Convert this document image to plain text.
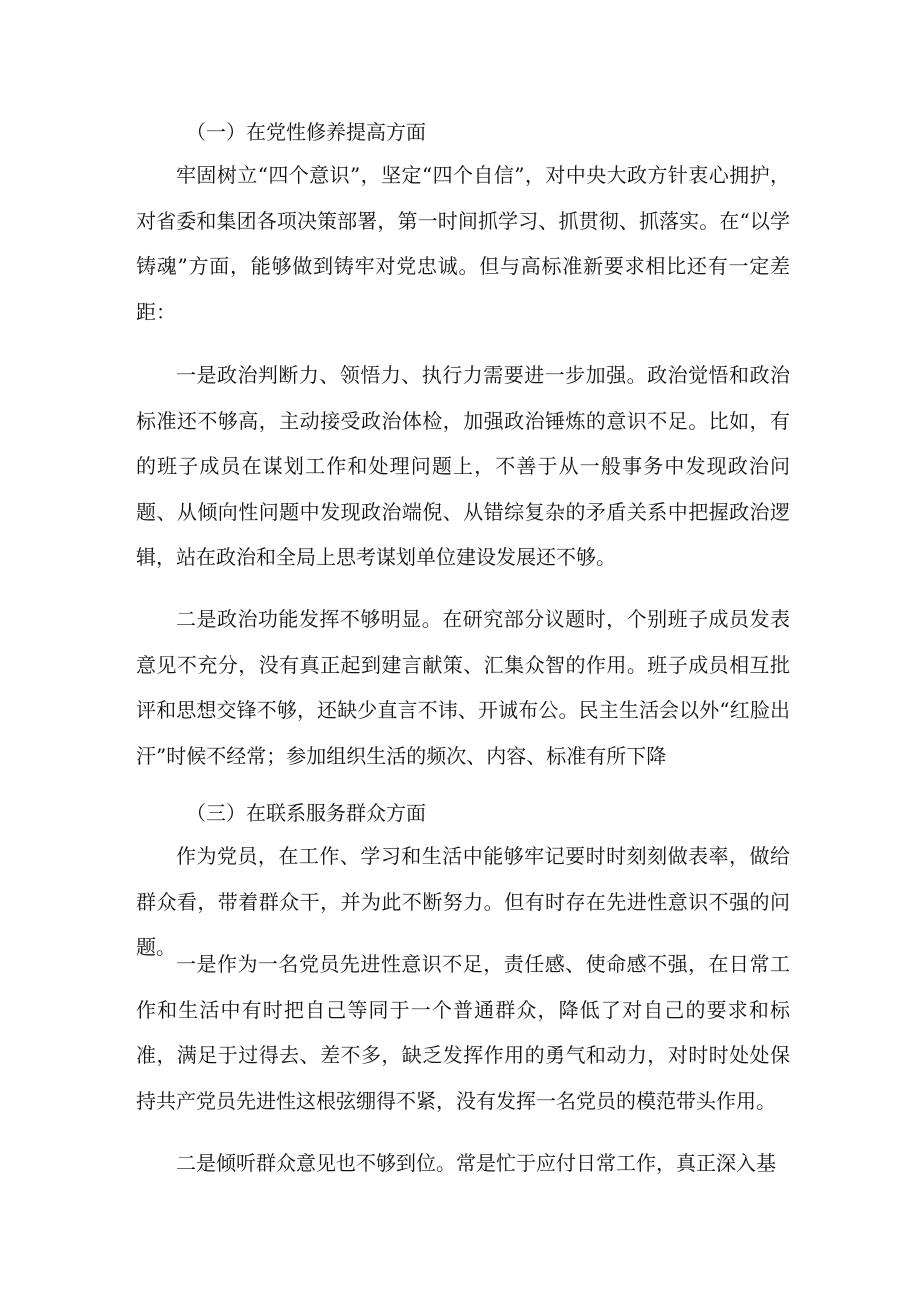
（一）在党性修养提高方面

牢固树立“四个意识”，坚定“四个自信”，对中央大政方针衷心拥护，对省委和集团各项决策部署，第一时间抓学习、抓贯彻、抓落实。在“以学铸魂”方面，能够做到铸牢对党忠诚。但与高标准新要求相比还有一定差距：

一是政治判断力、领悟力、执行力需要进一步加强。政治觉悟和政治标准还不够高，主动接受政治体检，加强政治锤炼的意识不足。比如，有的班子成员在谋划工作和处理问题上，不善于从一般事务中发现政治问题、从倾向性问题中发现政治端倪、从错综复杂的矛盾关系中把握政治逻辑，站在政治和全局上思考谋划单位建设发展还不够。

二是政治功能发挥不够明显。在研究部分议题时，个别班子成员发表意见不充分，没有真正起到建言献策、汇集众智的作用。班子成员相互批评和思想交锋不够，还缺少直言不讳、开诚布公。民主生活会以外“红脸出汗”时候不经常；参加组织生活的频次、内容、标准有所下降

（三）在联系服务群众方面

作为党员，在工作、学习和生活中能够牢记要时时刻刻做表率，做给群众看，带着群众干，并为此不断努力。但有时存在先进性意识不强的问题。

一是作为一名党员先进性意识不足，责任感、使命感不强，在日常工作和生活中有时把自己等同于一个普通群众，降低了对自己的要求和标准，满足于过得去、差不多，缺乏发挥作用的勇气和动力，对时时处处保持共产党员先进性这根弦绷得不紧，没有发挥一名党员的模范带头作用。

二是倾听群众意见也不够到位。常是忙于应付日常工作，真正深入基
